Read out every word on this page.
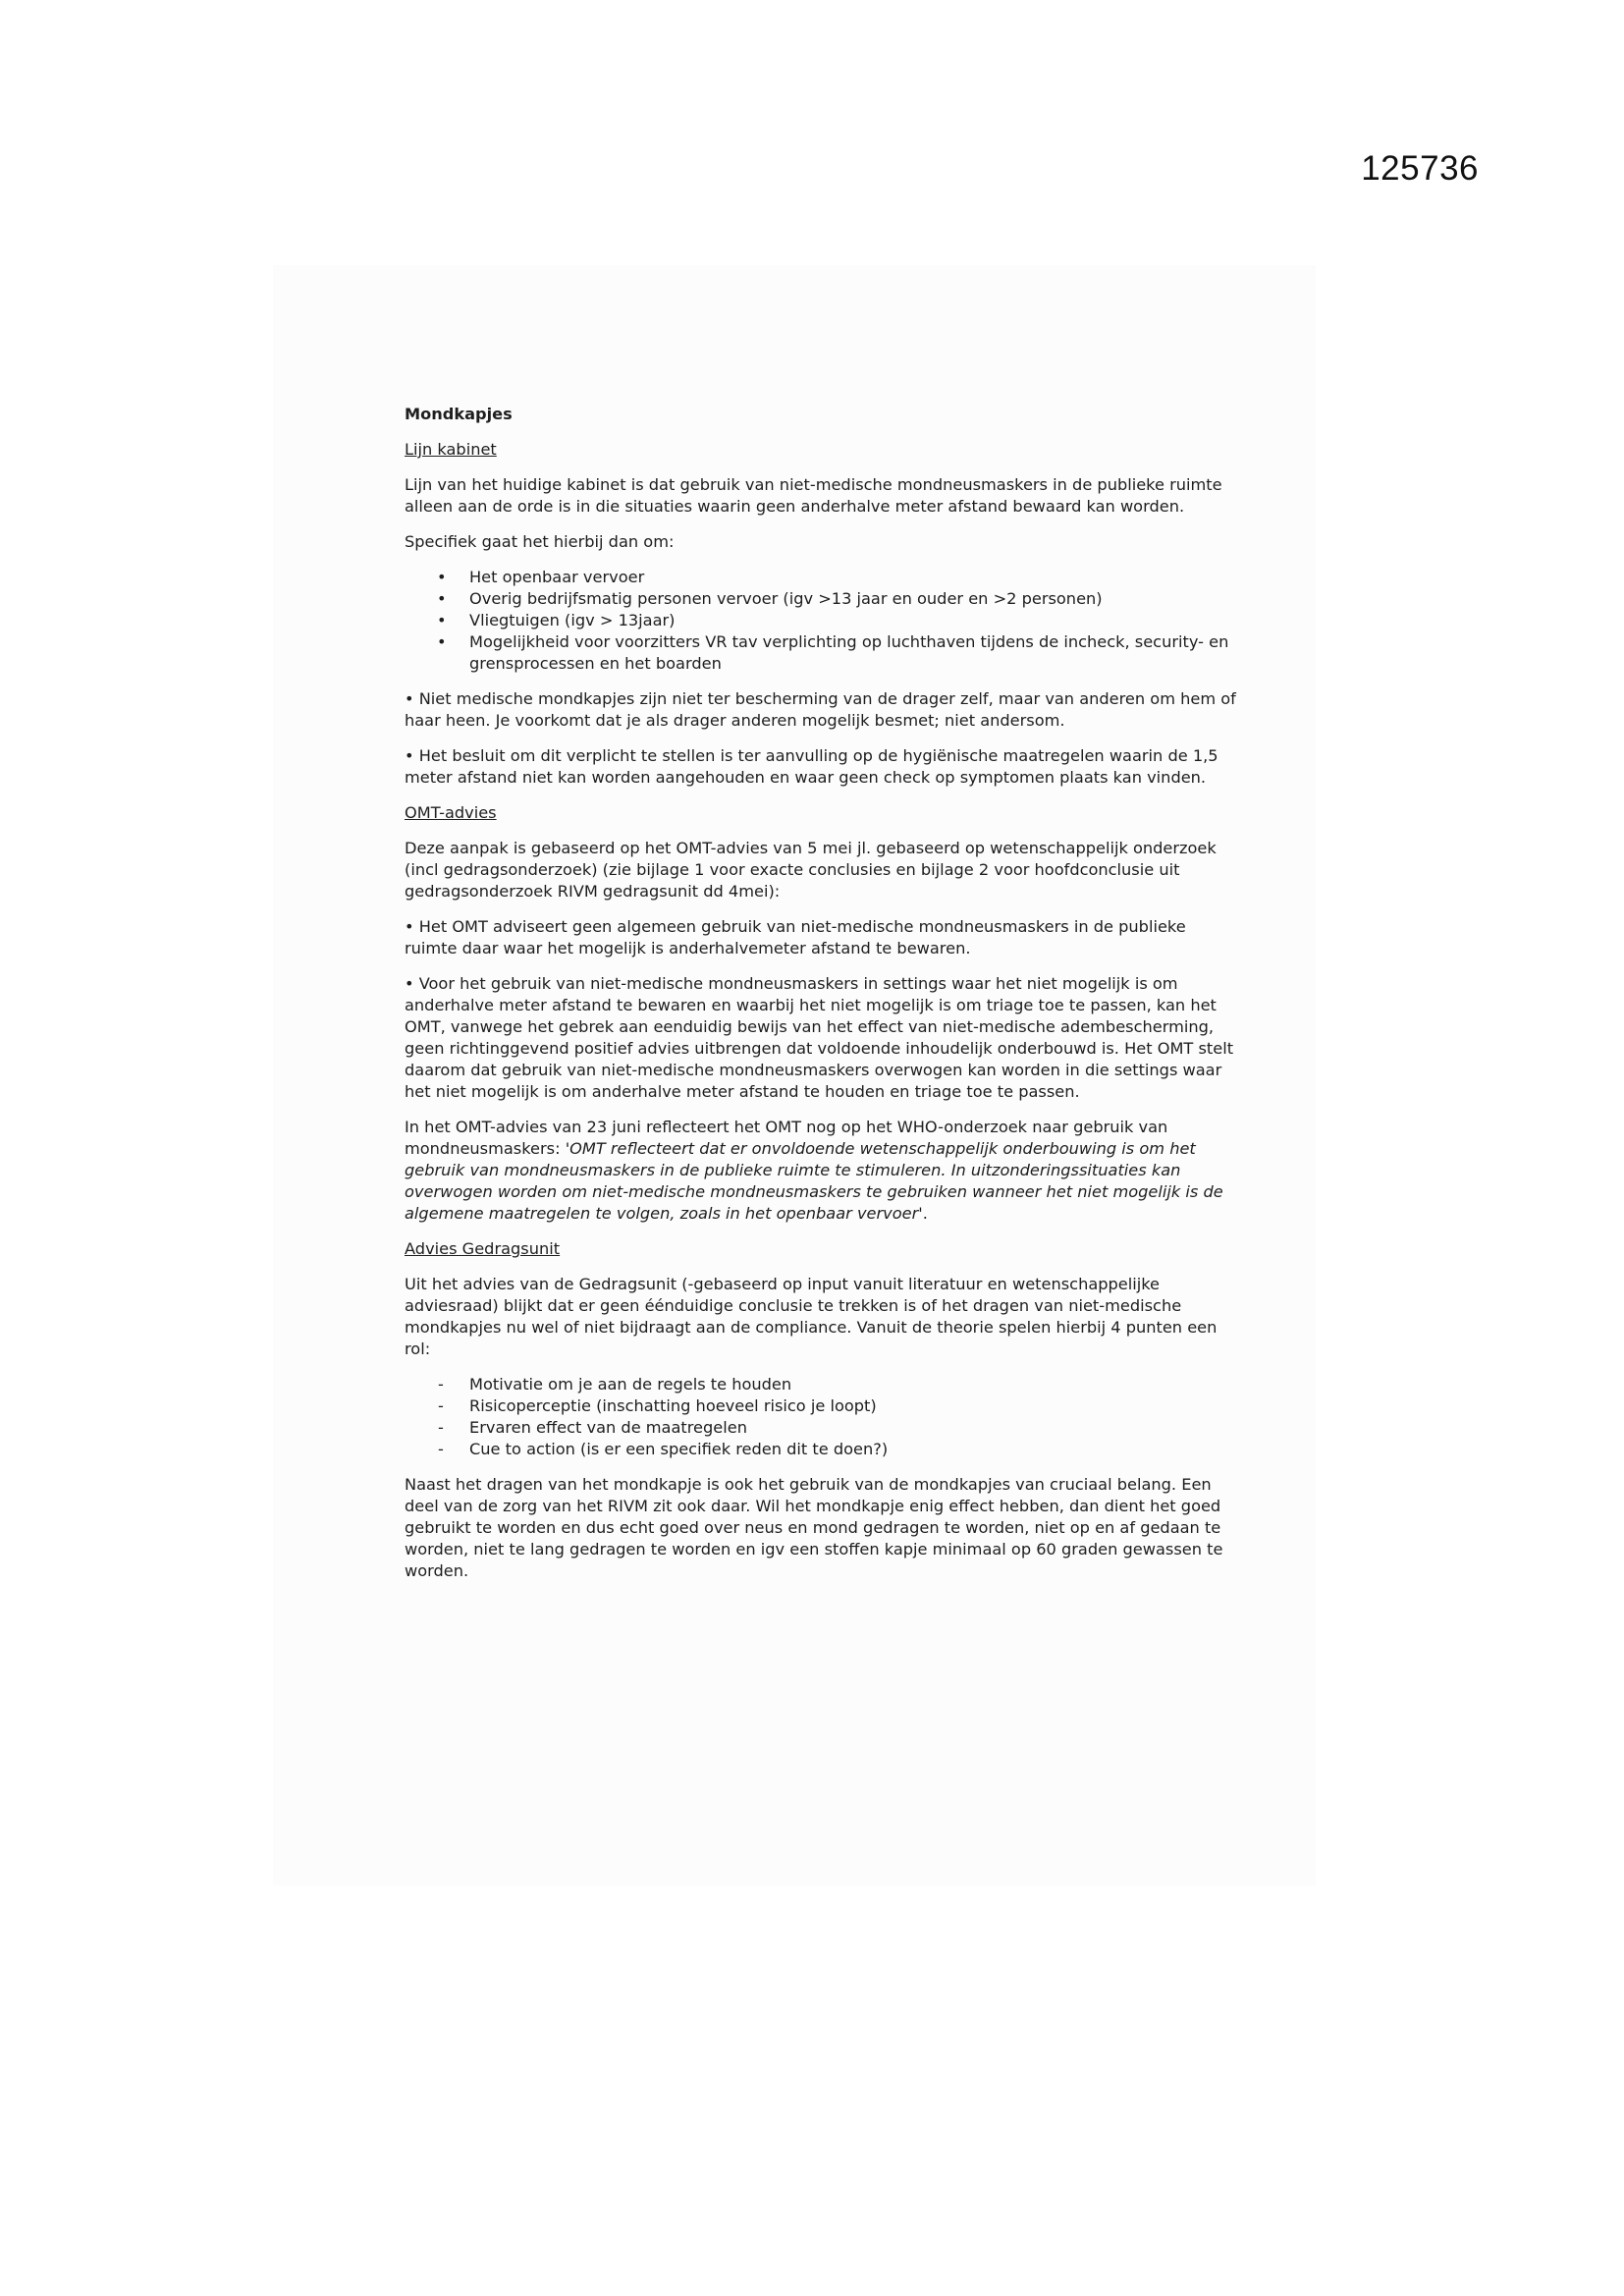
125736
Mondkapjes
Lijn kabinet

Lijn van het huidige kabinet is dat gebruik van niet-medische mondneusmaskers in de publieke ruimte alleen aan de orde is in die situaties waarin geen anderhalve meter afstand bewaard kan worden.

Specifiek gaat het hierbij dan om:

• Het openbaar vervoer
• Overig bedrijfsmatig personen vervoer (igv >13 jaar en ouder en >2 personen)
• Vliegtuigen (igv > 13jaar)
• Mogelijkheid voor voorzitters VR tav verplichting op luchthaven tijdens de incheck, security- en grensprocessen en het boarden

• Niet medische mondkapjes zijn niet ter bescherming van de drager zelf, maar van anderen om hem of haar heen. Je voorkomt dat je als drager anderen mogelijk besmet; niet andersom.

• Het besluit om dit verplicht te stellen is ter aanvulling op de hygiënische maatregelen waarin de 1,5 meter afstand niet kan worden aangehouden en waar geen check op symptomen plaats kan vinden.

OMT-advies

Deze aanpak is gebaseerd op het OMT-advies van 5 mei jl. gebaseerd op wetenschappelijk onderzoek (incl gedragsonderzoek) (zie bijlage 1 voor exacte conclusies en bijlage 2 voor hoofdconclusie uit gedragsonderzoek RIVM gedragsunit dd 4mei):

• Het OMT adviseert geen algemeen gebruik van niet-medische mondneusmaskers in de publieke ruimte daar waar het mogelijk is anderhalvemeter afstand te bewaren.

• Voor het gebruik van niet-medische mondneusmaskers in settings waar het niet mogelijk is om anderhalve meter afstand te bewaren en waarbij het niet mogelijk is om triage toe te passen, kan het OMT, vanwege het gebrek aan eenduidig bewijs van het effect van niet-medische adembescherming, geen richtinggevend positief advies uitbrengen dat voldoende inhoudelijk onderbouwd is. Het OMT stelt daarom dat gebruik van niet-medische mondneusmaskers overwogen kan worden in die settings waar het niet mogelijk is om anderhalve meter afstand te houden en triage toe te passen.

In het OMT-advies van 23 juni reflecteert het OMT nog op het WHO-onderzoek naar gebruik van mondneusmaskers: 'OMT reflecteert dat er onvoldoende wetenschappelijk onderbouwing is om het gebruik van mondneusmaskers in de publieke ruimte te stimuleren. In uitzonderingssituaties kan overwogen worden om niet-medische mondneusmaskers te gebruiken wanneer het niet mogelijk is de algemene maatregelen te volgen, zoals in het openbaar vervoer'.

Advies Gedragsunit

Uit het advies van de Gedragsunit (-gebaseerd op input vanuit literatuur en wetenschappelijke adviesraad) blijkt dat er geen éénduidige conclusie te trekken is of het dragen van niet-medische mondkapjes nu wel of niet bijdraagt aan de compliance. Vanuit de theorie spelen hierbij 4 punten een rol:

- Motivatie om je aan de regels te houden
- Risicoperceptie (inschatting hoeveel risico je loopt)
- Ervaren effect van de maatregelen
- Cue to action (is er een specifiek reden dit te doen?)

Naast het dragen van het mondkapje is ook het gebruik van de mondkapjes van cruciaal belang. Een deel van de zorg van het RIVM zit ook daar. Wil het mondkapje enig effect hebben, dan dient het goed gebruikt te worden en dus echt goed over neus en mond gedragen te worden, niet op en af gedaan te worden, niet te lang gedragen te worden en igv een stoffen kapje minimaal op 60 graden gewassen te worden.
